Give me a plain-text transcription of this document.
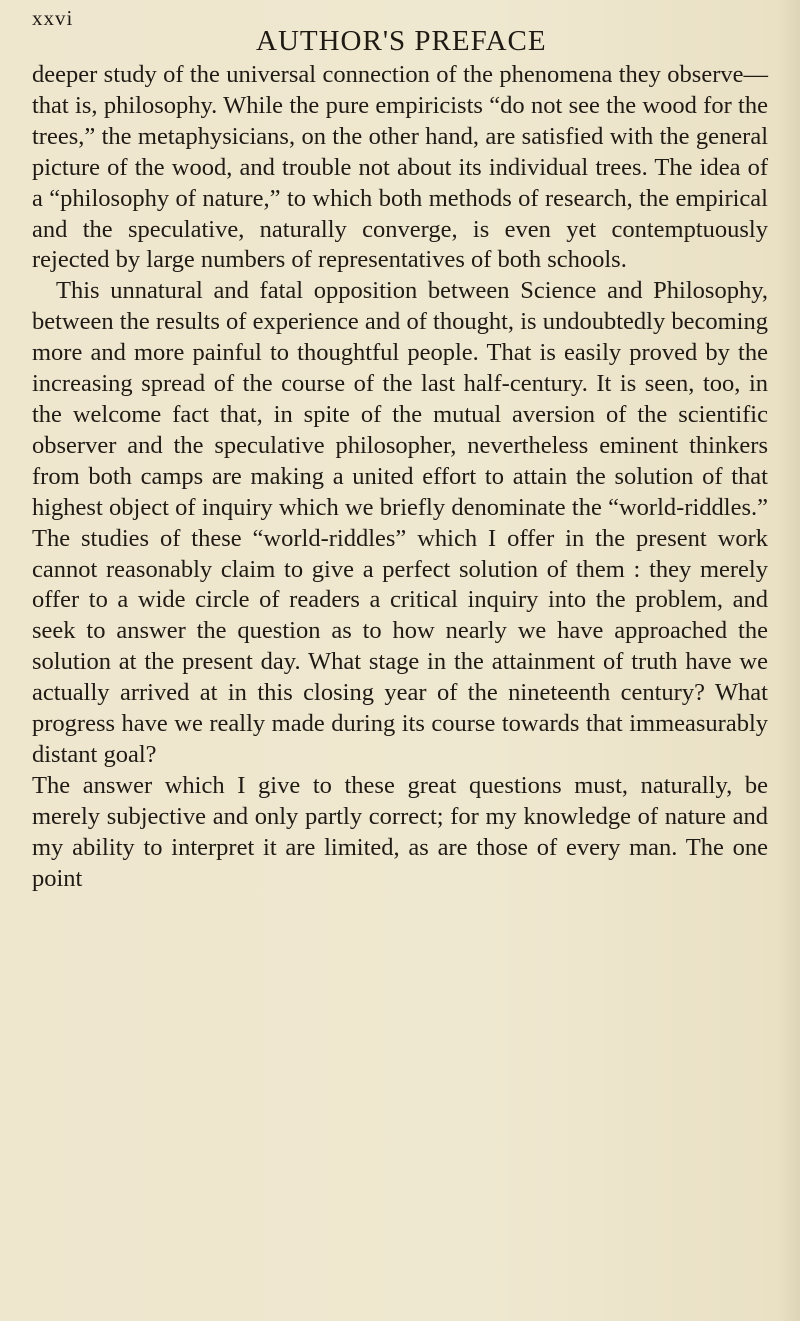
xxvi
AUTHOR'S PREFACE

deeper study of the universal connection of the phenomena they observe—that is, philosophy. While the pure empiricists “do not see the wood for the trees,” the metaphysicians, on the other hand, are satisfied with the general picture of the wood, and trouble not about its individual trees. The idea of a “philosophy of nature,” to which both methods of research, the empirical and the speculative, naturally converge, is even yet contemptuously rejected by large numbers of representatives of both schools.

This unnatural and fatal opposition between Science and Philosophy, between the results of experience and of thought, is undoubtedly becoming more and more painful to thoughtful people. That is easily proved by the increasing spread of the course of the last half-century. It is seen, too, in the welcome fact that, in spite of the mutual aversion of the scientific observer and the speculative philosopher, nevertheless eminent thinkers from both camps are making a united effort to attain the solution of that highest object of inquiry which we briefly denominate the “world-riddles.” The studies of these “world-riddles” which I offer in the present work cannot reasonably claim to give a perfect solution of them : they merely offer to a wide circle of readers a critical inquiry into the problem, and seek to answer the question as to how nearly we have approached the solution at the present day. What stage in the attainment of truth have we actually arrived at in this closing year of the nineteenth century? What progress have we really made during its course towards that immeasurably distant goal?

The answer which I give to these great questions must, naturally, be merely subjective and only partly correct; for my knowledge of nature and my ability to interpret it are limited, as are those of every man. The one point
